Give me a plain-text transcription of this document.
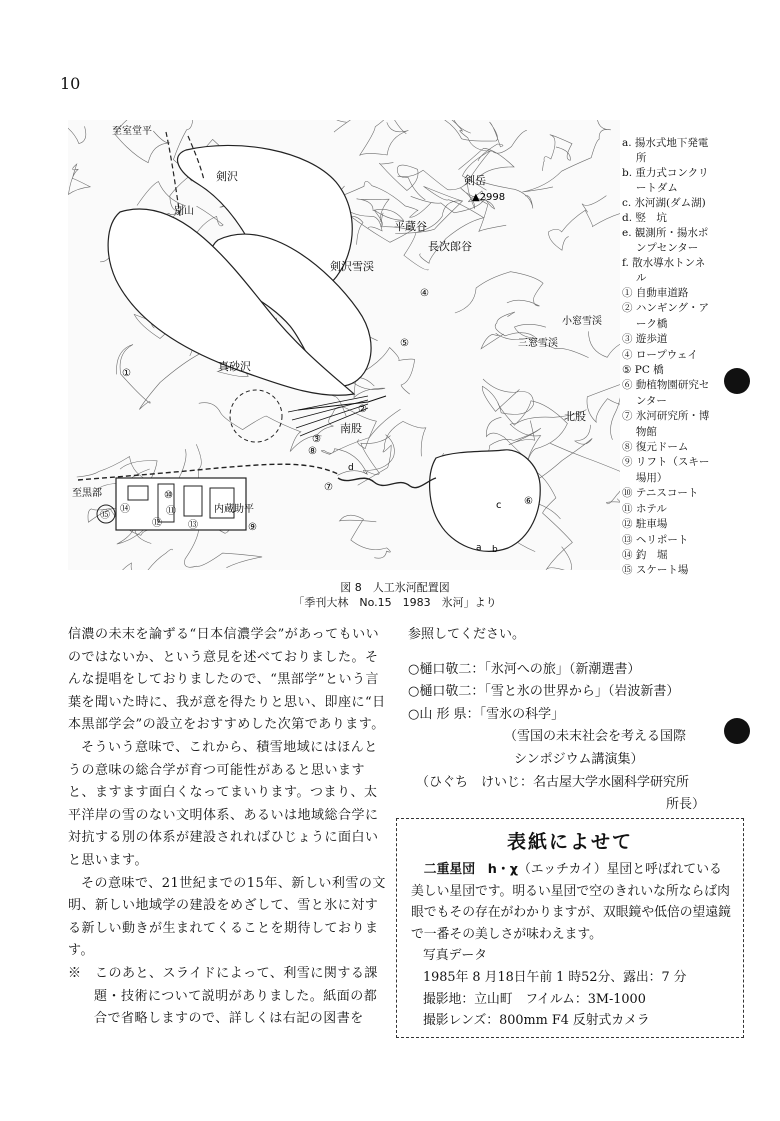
10
至室堂平
剣沢
別山
剣岳
▲2998
剣沢雪渓
平蔵谷
長次郎谷
小窓雪渓
三窓雪渓
真砂沢
南股
北股
至黒部
内蔵助平	c
d
a b
①
②
③
④
⑤
⑥
⑦
⑧
⑨
⑩
⑪
⑫	⑬
⑭
⑮
a. 揚水式地下発電
　 所
b. 重力式コンクリ
　 ートダム
c. 氷河湖(ダム湖)
d. 竪　坑
e. 観測所・揚水ポ
　 ンプセンター
f. 散水導水トンネ
　 ル
① 自動車道路
② ハンギング・ア
　 ーク橋
③ 遊歩道
④ ロープウェイ
⑤ PC 橋
⑥ 動植物園研究セ
　 ンター
⑦ 氷河研究所・博
　 物館
⑧ 復元ドーム
⑨ リフト（スキー
　 場用）
⑩ テニスコート
⑪ ホテル
⑫ 駐車場
⑬ ヘリポート
⑭ 釣　堀
⑮ スケート場
図 8　人工氷河配置図
「季刊大林　No.15　1983　氷河」より

信濃の未末を論ずる“日本信濃学会”があってもいいのではないか、という意見を述べておりました。そんな提唱をしておりましたので、“黒部学”という言葉を聞いた時に、我が意を得たりと思い、即座に“日本黒部学会”の設立をおすすめした次第であります。

そういう意味で、これから、積雪地域にはほんとうの意味の総合学が育つ可能性があると思いますと、ますます面白くなってまいります。つまり、太平洋岸の雪のない文明体系、あるいは地域総合学に対抗する別の体系が建設されればひじょうに面白いと思います。

その意味で、21世紀までの15年、新しい利雪の文明、新しい地域学の建設をめざして、雪と氷に対する新しい動きが生まれてくることを期待しております。

※　このあと、スライドによって、利雪に関する課題・技術について説明がありました。紙面の都合で省略しますので、詳しくは右記の図書を

参照してください。

○樋口敬二：「氷河への旅」（新潮選書）

○樋口敬二：「雪と氷の世界から」（岩波新書）

○山 形 県：「雪氷の科学」

（雪国の未末社会を考える国際

シンポジウム講演集）

（ひぐち　けいじ：名古屋大学水園科学研究所

所長）

表紙によせて

二重星団　h・χ（エッチカイ）星団と呼ばれている美しい星団です。明るい星団で空のきれいな所ならば肉眼でもその存在がわかりますが、双眼鏡や低倍の望遠鏡で一番その美しさが味わえます。

写真データ

1985年 8 月18日午前 1 時52分、露出：7 分

撮影地：立山町　フイルム：3M-1000

撮影レンズ：800mm F4 反射式カメラ
